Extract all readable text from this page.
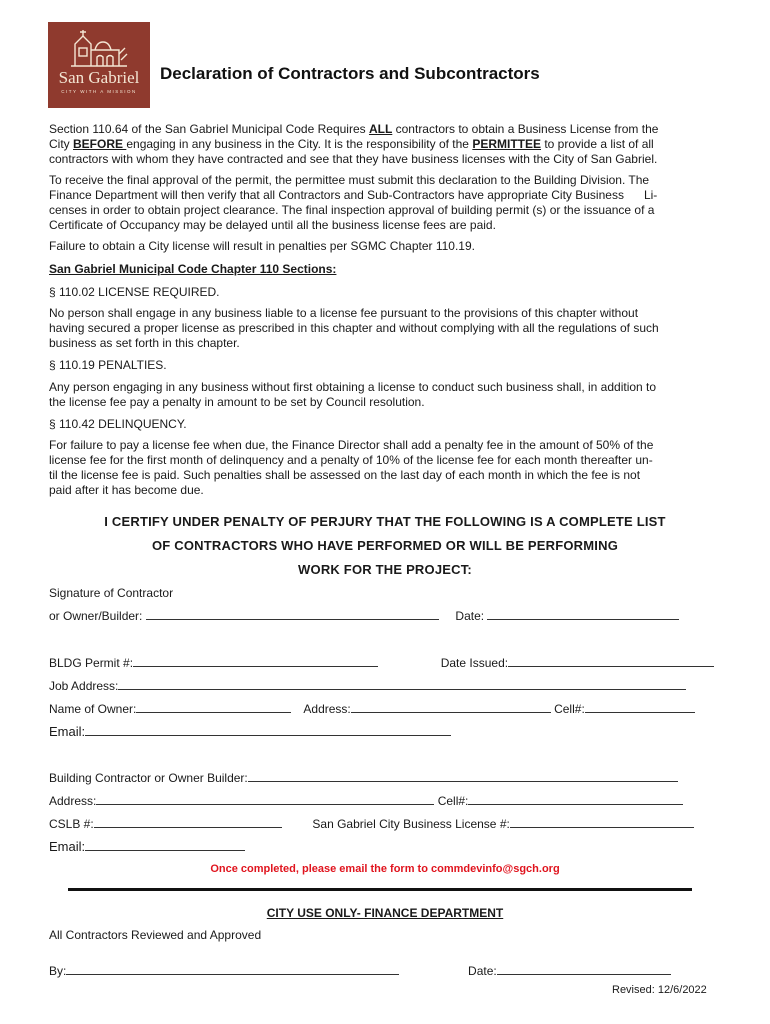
San Gabriel
CITY WITH A MISSION
Declaration of Contractors and Subcontractors
Section 110.64 of the San Gabriel Municipal Code Requires ALL contractors to obtain a Business License from the
City BEFORE engaging in any business in the City. It is the responsibility of the PERMITTEE to provide a list of all
contractors with whom they have contracted and see that they have business licenses with the City of San Gabriel.
To receive the final approval of the permit, the permittee must submit this declaration to the Building Division. The
Finance Department will then verify that all Contractors and Sub-Contractors have appropriate City Business      Li-
censes in order to obtain project clearance. The final inspection approval of building permit (s) or the issuance of a
Certificate of Occupancy may be delayed until all the business license fees are paid.
Failure to obtain a City license will result in penalties per SGMC Chapter 110.19.
San Gabriel Municipal Code Chapter 110 Sections:
§ 110.02 LICENSE REQUIRED.
No person shall engage in any business liable to a license fee pursuant to the provisions of this chapter without
having secured a proper license as prescribed in this chapter and without complying with all the regulations of such
business as set forth in this chapter.
§ 110.19 PENALTIES.
Any person engaging in any business without first obtaining a license to conduct such business shall, in addition to
the license fee pay a penalty in amount to be set by Council resolution.
§ 110.42 DELINQUENCY.
For failure to pay a license fee when due, the Finance Director shall add a penalty fee in the amount of 50% of the
license fee for the first month of delinquency and a penalty of 10% of the license fee for each month thereafter un-
til the license fee is paid. Such penalties shall be assessed on the last day of each month in which the fee is not
paid after it has become due.
I CERTIFY UNDER PENALTY OF PERJURY THAT THE FOLLOWING IS A COMPLETE LIST
OF CONTRACTORS WHO HAVE PERFORMED OR WILL BE PERFORMING
WORK FOR THE PROJECT:
Signature of Contractor
or Owner/Builder:	Date:
BLDG Permit #:	Date Issued:
Job Address:
Name of Owner:	Address:	Cell#:
Email:
Building Contractor or Owner Builder:
Address:	Cell#:
CSLB #:	San Gabriel City Business License #:
Email:
Once completed, please email the form to commdevinfo@sgch.org
CITY USE ONLY- FINANCE DEPARTMENT
All Contractors Reviewed and Approved
By:	Date:
Revised: 12/6/2022
